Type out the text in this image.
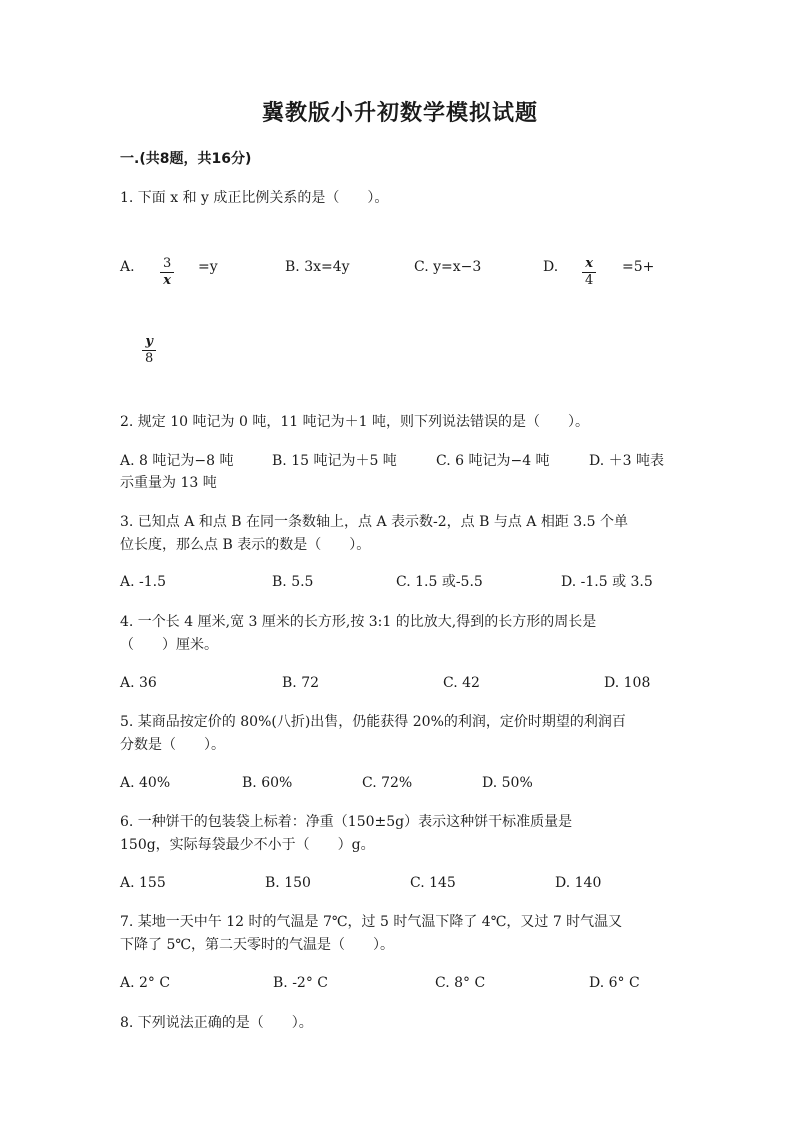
冀教版小升初数学模拟试题
一.(共8题，共16分)
1. 下面 x 和 y 成正比例关系的是（　　）。
A. $\frac{3}{x} =y$	B. 3x=4y	C. y=x−3	D. $\frac{x}{4} =5+$
$\frac{y}{8}$
2. 规定 10 吨记为 0 吨，11 吨记为＋1 吨，则下列说法错误的是（　　）。
A. 8 吨记为−8 吨	B. 15 吨记为＋5 吨	C. 6 吨记为−4 吨	D. ＋3 吨表
示重量为 13 吨
3. 已知点 A 和点 B 在同一条数轴上，点 A 表示数-2，点 B 与点 A 相距 3.5 个单
位长度，那么点 B 表示的数是（　　）。
A. -1.5	B. 5.5	C. 1.5 或-5.5	D. -1.5 或 3.5
4. 一个长 4 厘米,宽 3 厘米的长方形,按 3:1 的比放大,得到的长方形的周长是
（　　）厘米。
A. 36	B. 72	C. 42	D. 108
5. 某商品按定价的 80%(八折)出售，仍能获得 20%的利润，定价时期望的利润百
分数是（　　）。
A. 40%	B. 60%	C. 72%	D. 50%
6. 一种饼干的包装袋上标着：净重（150±5g）表示这种饼干标准质量是
150g，实际每袋最少不小于（　　）g。
A. 155	B. 150	C. 145	D. 140
7. 某地一天中午 12 时的气温是 7℃，过 5 时气温下降了 4℃，又过 7 时气温又
下降了 5℃，第二天零时的气温是（　　）。
A. 2° C	B. -2° C	C. 8° C	D. 6° C
8. 下列说法正确的是（　　）。
